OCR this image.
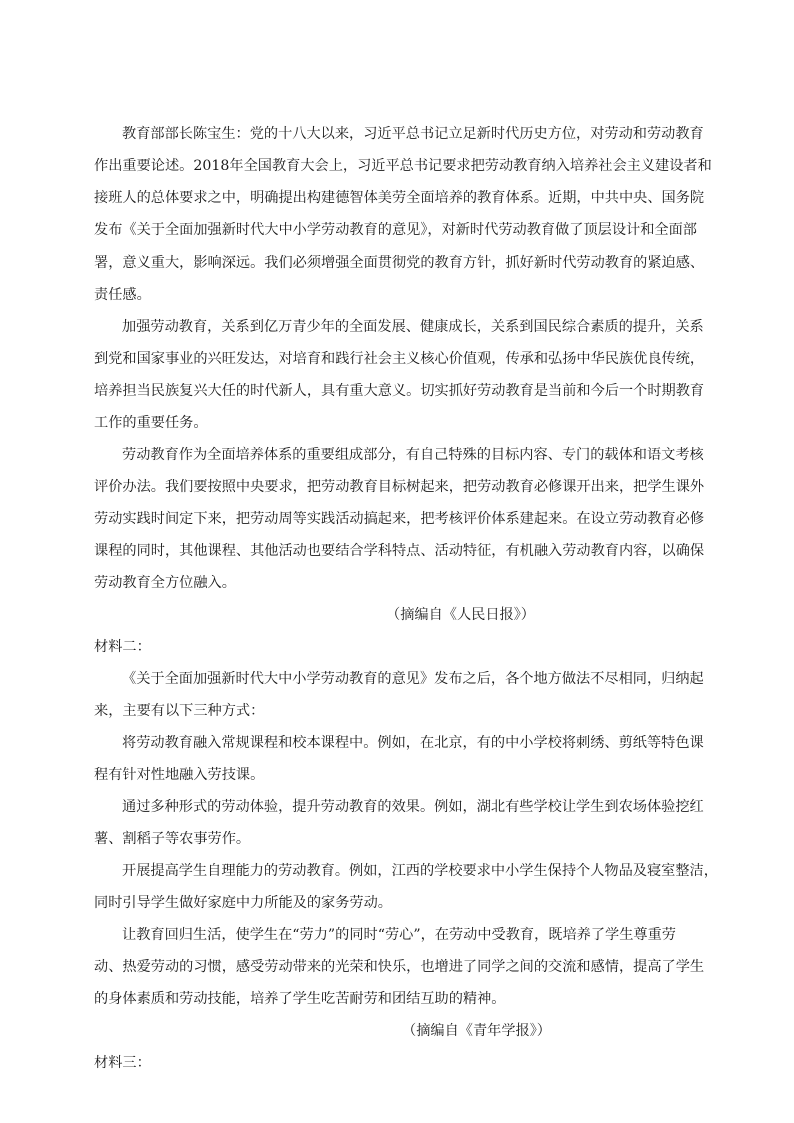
教育部部长陈宝生：党的十八大以来，习近平总书记立足新时代历史方位，对劳动和劳动教育
作出重要论述。2018年全国教育大会上，习近平总书记要求把劳动教育纳入培养社会主义建设者和
接班人的总体要求之中，明确提出构建德智体美劳全面培养的教育体系。近期，中共中央、国务院
发布《关于全面加强新时代大中小学劳动教育的意见》，对新时代劳动教育做了顶层设计和全面部
署，意义重大，影响深远。我们必须增强全面贯彻党的教育方针，抓好新时代劳动教育的紧迫感、
责任感。
加强劳动教育，关系到亿万青少年的全面发展、健康成长，关系到国民综合素质的提升，关系
到党和国家事业的兴旺发达，对培育和践行社会主义核心价值观，传承和弘扬中华民族优良传统，
培养担当民族复兴大任的时代新人，具有重大意义。切实抓好劳动教育是当前和今后一个时期教育
工作的重要任务。
劳动教育作为全面培养体系的重要组成部分，有自己特殊的目标内容、专门的载体和语文考核
评价办法。我们要按照中央要求，把劳动教育目标树起来，把劳动教育必修课开出来，把学生课外
劳动实践时间定下来，把劳动周等实践活动搞起来，把考核评价体系建起来。在设立劳动教育必修
课程的同时，其他课程、其他活动也要结合学科特点、活动特征，有机融入劳动教育内容，以确保
劳动教育全方位融入。
（摘编自《人民日报》）
材料二：
《关于全面加强新时代大中小学劳动教育的意见》发布之后，各个地方做法不尽相同，归纳起
来，主要有以下三种方式：
将劳动教育融入常规课程和校本课程中。例如，在北京，有的中小学校将刺绣、剪纸等特色课
程有针对性地融入劳技课。
通过多种形式的劳动体验，提升劳动教育的效果。例如，湖北有些学校让学生到农场体验挖红
薯、割稻子等农事劳作。
开展提高学生自理能力的劳动教育。例如，江西的学校要求中小学生保持个人物品及寝室整洁，
同时引导学生做好家庭中力所能及的家务劳动。
让教育回归生活，使学生在“劳力”的同时“劳心”，在劳动中受教育，既培养了学生尊重劳
动、热爱劳动的习惯，感受劳动带来的光荣和快乐，也增进了同学之间的交流和感情，提高了学生
的身体素质和劳动技能，培养了学生吃苦耐劳和团结互助的精神。
（摘编自《青年学报》）
材料三：
